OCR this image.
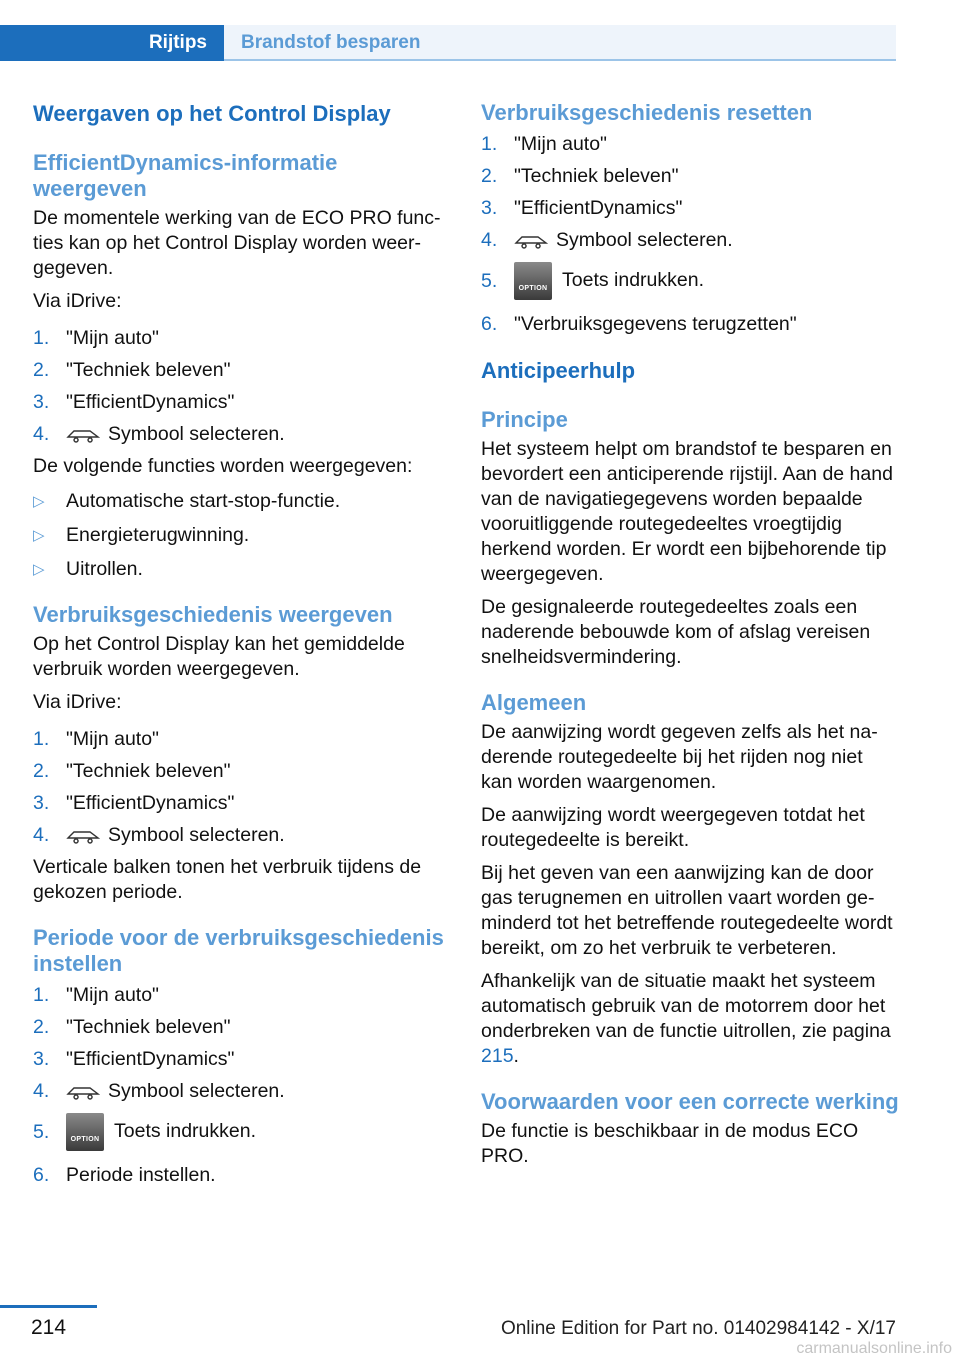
Rijtips	Brandstof besparen
Weergaven op het Control Display
EfficientDynamics-informatie weergeven

De momentele werking van de ECO PRO functies kan op het Control Display worden weergegeven.

Via iDrive:

1. "Mijn auto"
2. "Techniek beleven"
3. "EfficientDynamics"
4.	Symbool selecteren.

De volgende functies worden weergegeven:

▷	Automatische start-stop-functie.
▷	Energieterugwinning.
▷	Uitrollen.
Verbruiksgeschiedenis weergeven

Op het Control Display kan het gemiddelde verbruik worden weergegeven.

Via iDrive:

1. "Mijn auto"
2. "Techniek beleven"
3. "EfficientDynamics"
4.	Symbool selecteren.

Verticale balken tonen het verbruik tijdens de gekozen periode.

Periode voor de verbruiksgeschiedenis instellen
1. "Mijn auto"
2. "Techniek beleven"
3. "EfficientDynamics"
4.	Symbool selecteren.
5.	OPTION Toets indrukken.
6. Periode instellen.
Verbruiksgeschiedenis resetten
1. "Mijn auto"
2. "Techniek beleven"
3. "EfficientDynamics"
4.	Symbool selecteren.
5.	OPTION Toets indrukken.
6. "Verbruiksgegevens terugzetten"
Anticipeerhulp
Principe

Het systeem helpt om brandstof te besparen en bevordert een anticiperende rijstijl. Aan de hand van de navigatiegegevens worden bepaalde vooruitliggende routegedeeltes vroegtijdig herkend worden. Er wordt een bijbehorende tip weergegeven.

De gesignaleerde routegedeeltes zoals een naderende bebouwde kom of afslag vereisen snelheidsvermindering.

Algemeen

De aanwijzing wordt gegeven zelfs als het naderende routegedeelte bij het rijden nog niet kan worden waargenomen.

De aanwijzing wordt weergegeven totdat het routegedeelte is bereikt.

Bij het geven van een aanwijzing kan de door gas terugnemen en uitrollen vaart worden geminderd tot het betreffende routegedeelte wordt bereikt, om zo het verbruik te verbeteren.

Afhankelijk van de situatie maakt het systeem automatisch gebruik van de motorrem door het onderbreken van de functie uitrollen, zie pagina 215.

Voorwaarden voor een correcte werking

De functie is beschikbaar in de modus ECO PRO.

214	Online Edition for Part no. 01402984142 - X/17
carmanualsonline.info
